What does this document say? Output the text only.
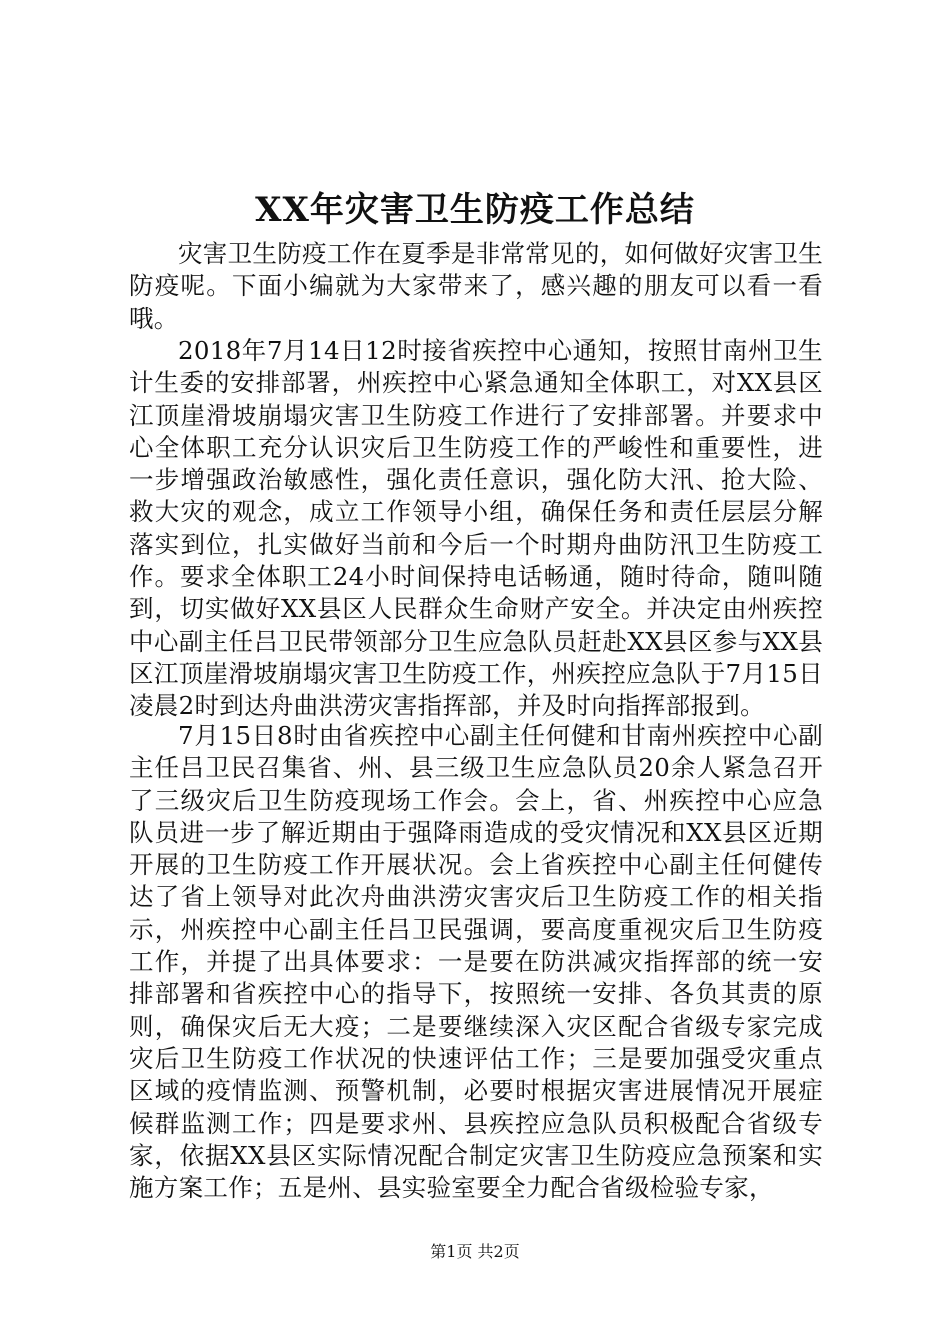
XX年灾害卫生防疫工作总结

灾害卫生防疫工作在夏季是非常常见的，如何做好灾害卫生防疫呢。下面小编就为大家带来了，感兴趣的朋友可以看一看哦。

2018年7月14日12时接省疾控中心通知，按照甘南州卫生计生委的安排部署，州疾控中心紧急通知全体职工，对XX县区江顶崖滑坡崩塌灾害卫生防疫工作进行了安排部署。并要求中心全体职工充分认识灾后卫生防疫工作的严峻性和重要性，进一步增强政治敏感性，强化责任意识，强化防大汛、抢大险、救大灾的观念，成立工作领导小组，确保任务和责任层层分解落实到位，扎实做好当前和今后一个时期舟曲防汛卫生防疫工作。要求全体职工24小时间保持电话畅通，随时待命，随叫随到，切实做好XX县区人民群众生命财产安全。并决定由州疾控中心副主任吕卫民带领部分卫生应急队员赶赴XX县区参与XX县区江顶崖滑坡崩塌灾害卫生防疫工作，州疾控应急队于7月15日凌晨2时到达舟曲洪涝灾害指挥部，并及时向指挥部报到。

7月15日8时由省疾控中心副主任何健和甘南州疾控中心副主任吕卫民召集省、州、县三级卫生应急队员20余人紧急召开了三级灾后卫生防疫现场工作会。会上，省、州疾控中心应急队员进一步了解近期由于强降雨造成的受灾情况和XX县区近期开展的卫生防疫工作开展状况。会上省疾控中心副主任何健传达了省上领导对此次舟曲洪涝灾害灾后卫生防疫工作的相关指示，州疾控中心副主任吕卫民强调，要高度重视灾后卫生防疫工作，并提了出具体要求：一是要在防洪减灾指挥部的统一安排部署和省疾控中心的指导下，按照统一安排、各负其责的原则，确保灾后无大疫；二是要继续深入灾区配合省级专家完成灾后卫生防疫工作状况的快速评估工作；三是要加强受灾重点区域的疫情监测、预警机制，必要时根据灾害进展情况开展症候群监测工作；四是要求州、县疾控应急队员积极配合省级专家，依据XX县区实际情况配合制定灾害卫生防疫应急预案和实施方案工作；五是州、县实验室要全力配合省级检验专家，

第1页 共2页
